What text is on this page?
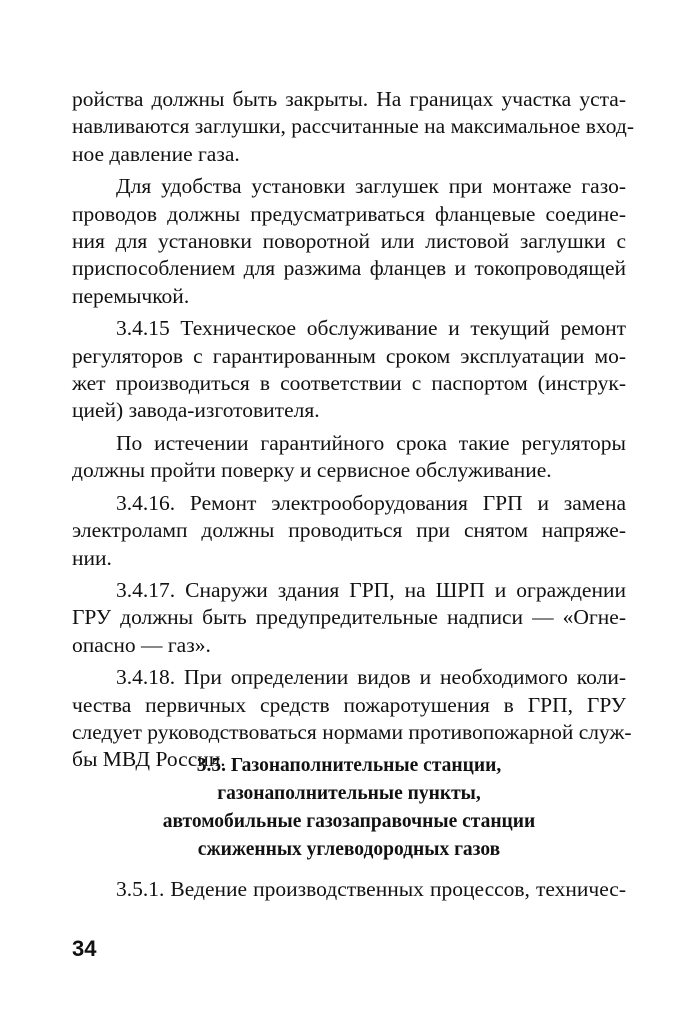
ройства должны быть закрыты. На границах участка уста-
навливаются заглушки, рассчитанные на максимальное вход-
ное давление газа.

Для удобства установки заглушек при монтаже газо-
проводов должны предусматриваться фланцевые соедине-
ния для установки поворотной или листовой заглушки с
приспособлением для разжима фланцев и токопроводящей
перемычкой.

3.4.15 Техническое обслуживание и текущий ремонт
регуляторов с гарантированным сроком эксплуатации мо-
жет производиться в соответствии с паспортом (инструк-
цией) завода-изготовителя.

По истечении гарантийного срока такие регуляторы
должны пройти поверку и сервисное обслуживание.

3.4.16. Ремонт электрооборудования ГРП и замена
электроламп должны проводиться при снятом напряже-
нии.

3.4.17. Снаружи здания ГРП, на ШРП и ограждении
ГРУ должны быть предупредительные надписи — «Огне-
опасно — газ».

3.4.18. При определении видов и необходимого коли-
чества первичных средств пожаротушения в ГРП, ГРУ
следует руководствоваться нормами противопожарной служ-
бы МВД России.

3.5. Газонаполнительные станции,
газонаполнительные пункты,
автомобильные газозаправочные станции
сжиженных углеводородных газов
3.5.1. Ведение производственных процессов, техничес-
34
